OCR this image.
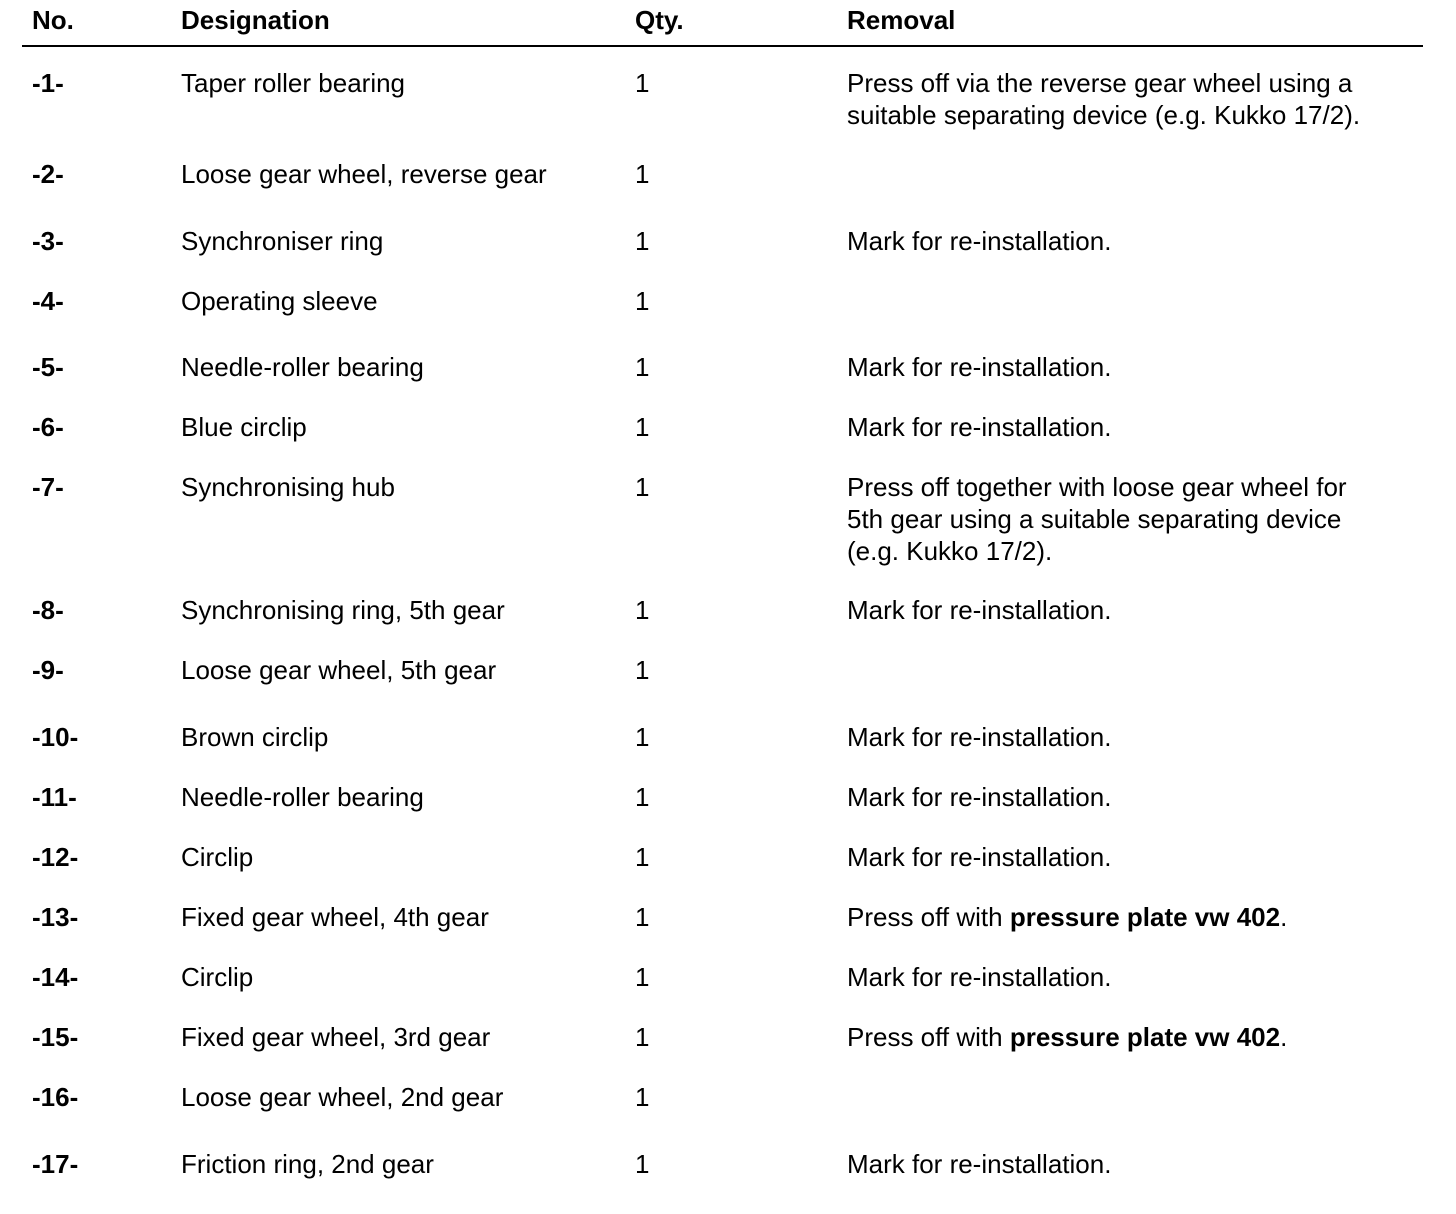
No.	Designation	Qty.	Removal
-1-	Taper roller bearing	1	Press off via the reverse gear wheel using a
suitable separating device (e.g. Kukko 17/2).
-2-	Loose gear wheel, reverse gear	1
-3-	Synchroniser ring	1	Mark for re-installation.
-4-	Operating sleeve	1
-5-	Needle-roller bearing	1	Mark for re-installation.
-6-	Blue circlip	1	Mark for re-installation.
-7-	Synchronising hub	1	Press off together with loose gear wheel for
5th gear using a suitable separating device
(e.g. Kukko 17/2).
-8-	Synchronising ring, 5th gear	1	Mark for re-installation.
-9-	Loose gear wheel, 5th gear	1
-10-	Brown circlip	1	Mark for re-installation.
-11-	Needle-roller bearing	1	Mark for re-installation.
-12-	Circlip	1	Mark for re-installation.
-13-	Fixed gear wheel, 4th gear	1	Press off with pressure plate vw 402.
-14-	Circlip	1	Mark for re-installation.
-15-	Fixed gear wheel, 3rd gear	1	Press off with pressure plate vw 402.
-16-	Loose gear wheel, 2nd gear	1
-17-	Friction ring, 2nd gear	1	Mark for re-installation.
